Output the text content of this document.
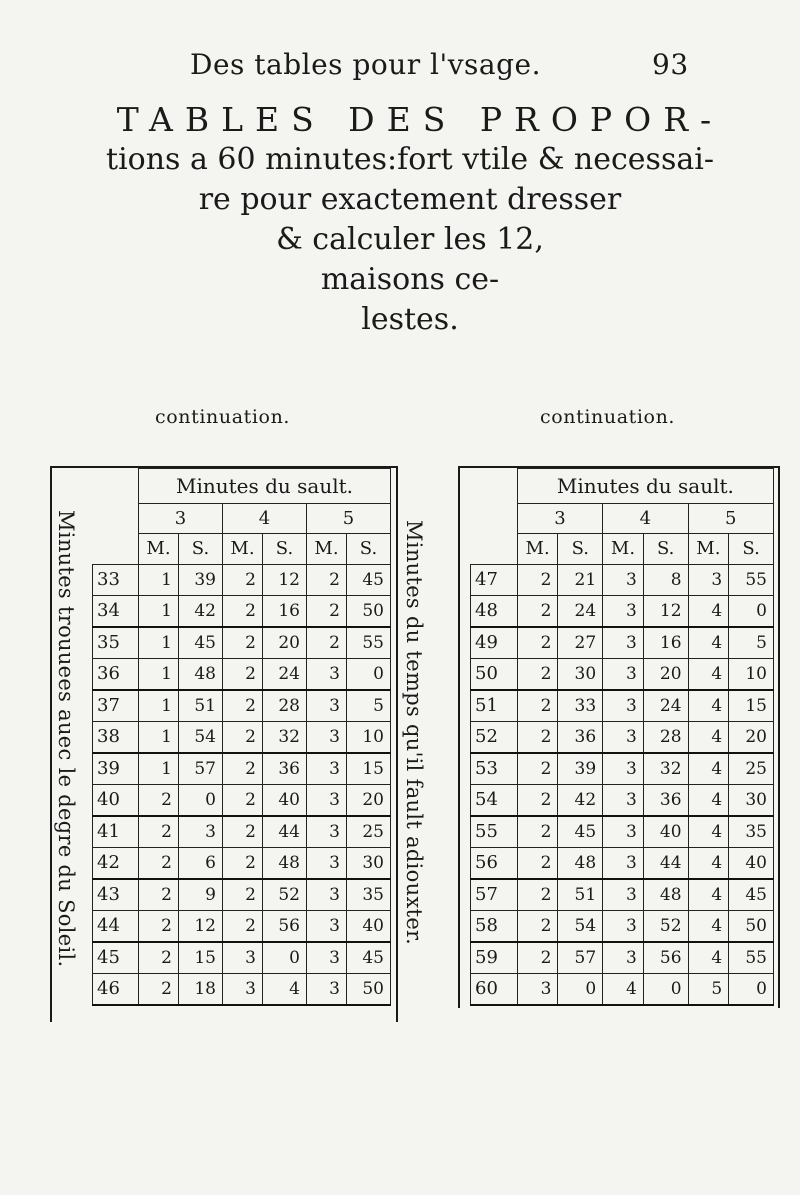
Des tables pour l'vsage.	93
TABLES DES PROPOR-
tions a 60 minutes:fort vtile & necessai-
re pour exactement dresser
& calculer les 12,
maisons ce-
lestes.
continuation.	continuation.
Minutes trouuees auec le degre du Soleil.	Minutes du temps qu'il fault adiouxter.
	Minutes du sault.					
	3		4		5	
	M.	S.	M.	S.	M.	S.
33	1	39	2	12	2	45
34	1	42	2	16	2	50
35	1	45	2	20	2	55
36	1	48	2	24	3	0
37	1	51	2	28	3	5
38	1	54	2	32	3	10
39	1	57	2	36	3	15
40	2	0	2	40	3	20
41	2	3	2	44	3	25
42	2	6	2	48	3	30
43	2	9	2	52	3	35
44	2	12	2	56	3	40
45	2	15	3	0	3	45
46	2	18	3	4	3	50
	Minutes du sault.					
	3		4		5	
	M.	S.	M.	S.	M.	S.
47	2	21	3	8	3	55
48	2	24	3	12	4	0
49	2	27	3	16	4	5
50	2	30	3	20	4	10
51	2	33	3	24	4	15
52	2	36	3	28	4	20
53	2	39	3	32	4	25
54	2	42	3	36	4	30
55	2	45	3	40	4	35
56	2	48	3	44	4	40
57	2	51	3	48	4	45
58	2	54	3	52	4	50
59	2	57	3	56	4	55
60	3	0	4	0	5	0
